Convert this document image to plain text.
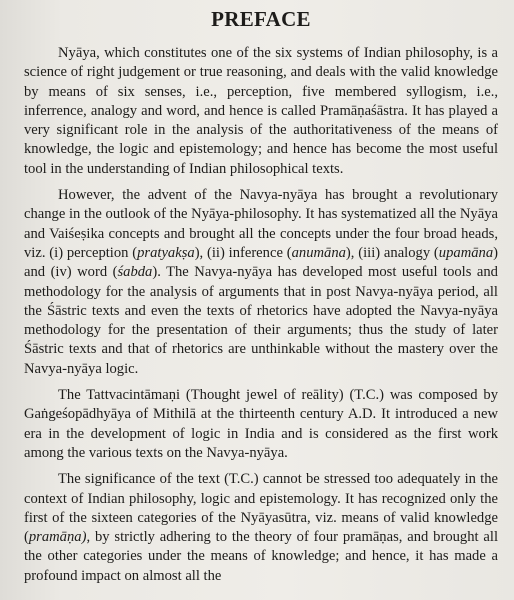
PREFACE

Nyāya, which constitutes one of the six systems of Indian philosophy, is a science of right judgement or true reasoning, and deals with the valid knowledge by means of six senses, i.e., perception, five membered syllogism, i.e., inferrence, analogy and word, and hence is called Pramāṇaśāstra. It has played a very significant role in the analysis of the authoritativeness of the means of knowledge, the logic and epistemology; and hence has become the most useful tool in the understanding of Indian philosophical texts.

However, the advent of the Navya-nyāya has brought a revolutionary change in the outlook of the Nyāya-philosophy. It has systematized all the Nyāya and Vaiśeṣika concepts and brought all the concepts under the four broad heads, viz. (i) perception (pratyakṣa), (ii) inference (anumāna), (iii) analogy (upamāna) and (iv) word (śabda). The Navya-nyāya has developed most useful tools and methodology for the analysis of arguments that in post Navya-nyāya period, all the Śāstric texts and even the texts of rhetorics have adopted the Navya-nyāya methodology for the presentation of their arguments; thus the study of later Śāstric texts and that of rhetorics are unthinkable without the mastery over the Navya-nyāya logic.

The Tattvacintāmaṇi (Thought jewel of reālity) (T.C.) was composed by Gaṅgeśopādhyāya of Mithilā at the thirteenth century A.D. It introduced a new era in the development of logic in India and is considered as the first work among the various texts on the Navya-nyāya.

The significance of the text (T.C.) cannot be stressed too adequately in the context of Indian philosophy, logic and epistemology. It has recognized only the first of the sixteen categories of the Nyāyasūtra, viz. means of valid knowledge (pramāṇa), by strictly adhering to the theory of four pramāṇas, and brought all the other categories under the means of knowledge; and hence, it has made a profound impact on almost all the
